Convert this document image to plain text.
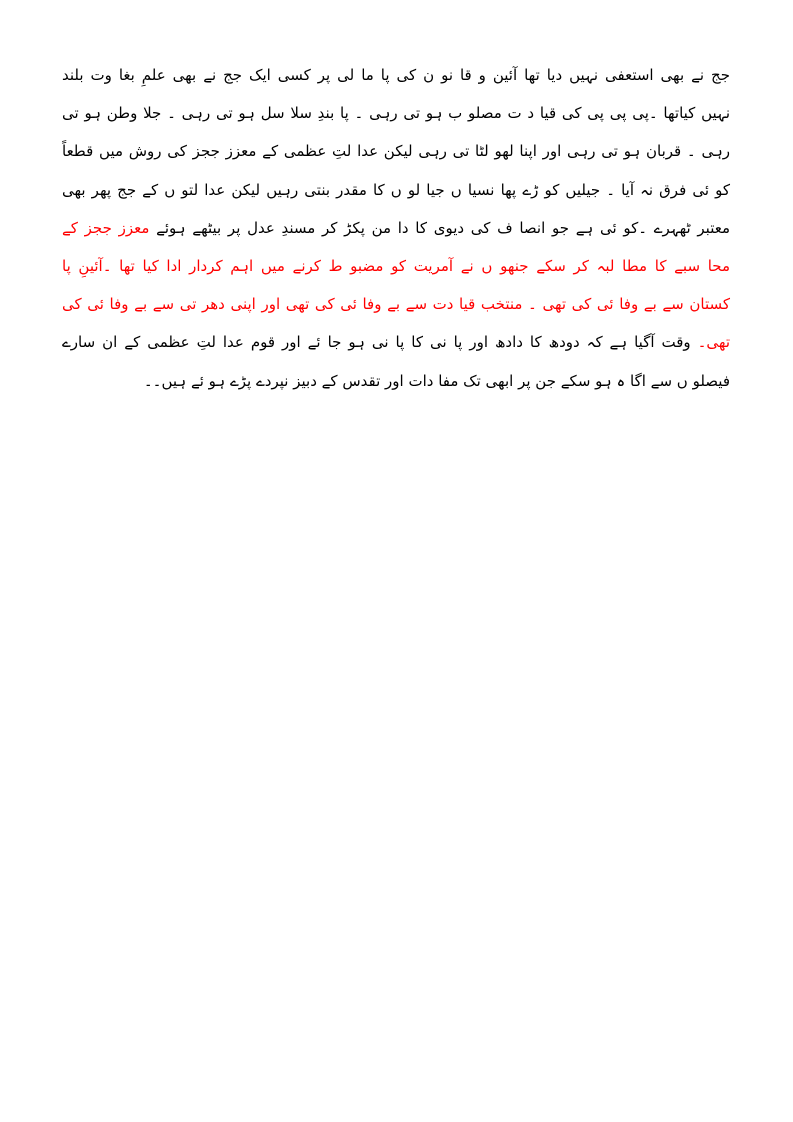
جج نے بھی استعفی نہیں دیا تھا آئین و قا نو ن کی پا ما لی پر کسی ایک جج نے بھی علمِ بغا وت بلند
نہیں کیاتھا ۔پی پی پی کی قیا د ت مصلو ب ہو تی رہی ۔ پا بندِ سلا سل ہو تی رہی ۔ جلا وطن ہو تی
رہی ۔ قربان ہو تی رہی اور اپنا لھو لٹا تی رہی لیکن عدا لتِ عظمی کے معزز ججز کی روش میں قطعاً
کو ئی فرق نہ آیا ۔ جیلیں کو ڑے پھا نسیا ں جیا لو ں کا مقدر بنتی رہیں لیکن عدا لتو ں کے جج پھر بھی
معتبر ٹھہرے ۔کو ئی ہے جو انصا ف کی دیوی کا دا من پکڑ کر مسندِ عدل پر بیٹھے ہوئے معزز ججز کے
محا سبے کا مطا لبہ کر سکے جنھو ں نے آمریت کو مضبو ط کرنے میں اہم کردار ادا کیا تھا ۔آئینِ پا
کستان سے بے وفا ئی کی تھی ۔ منتخب قیا دت سے بے وفا ئی کی تھی اور اپنی دھر تی سے بے وفا ئی کی
تھی۔ وقت آگیا ہے کہ دودھ کا دادھ اور پا نی کا پا نی ہو جا ئے اور قوم عدا لتِ عظمی کے ان سارے
فیصلو ں سے اگا ہ ہو سکے جن پر ابھی تک مفا دات اور تقدس کے دبیز نپردے پڑے ہو ئے ہیں۔۔
